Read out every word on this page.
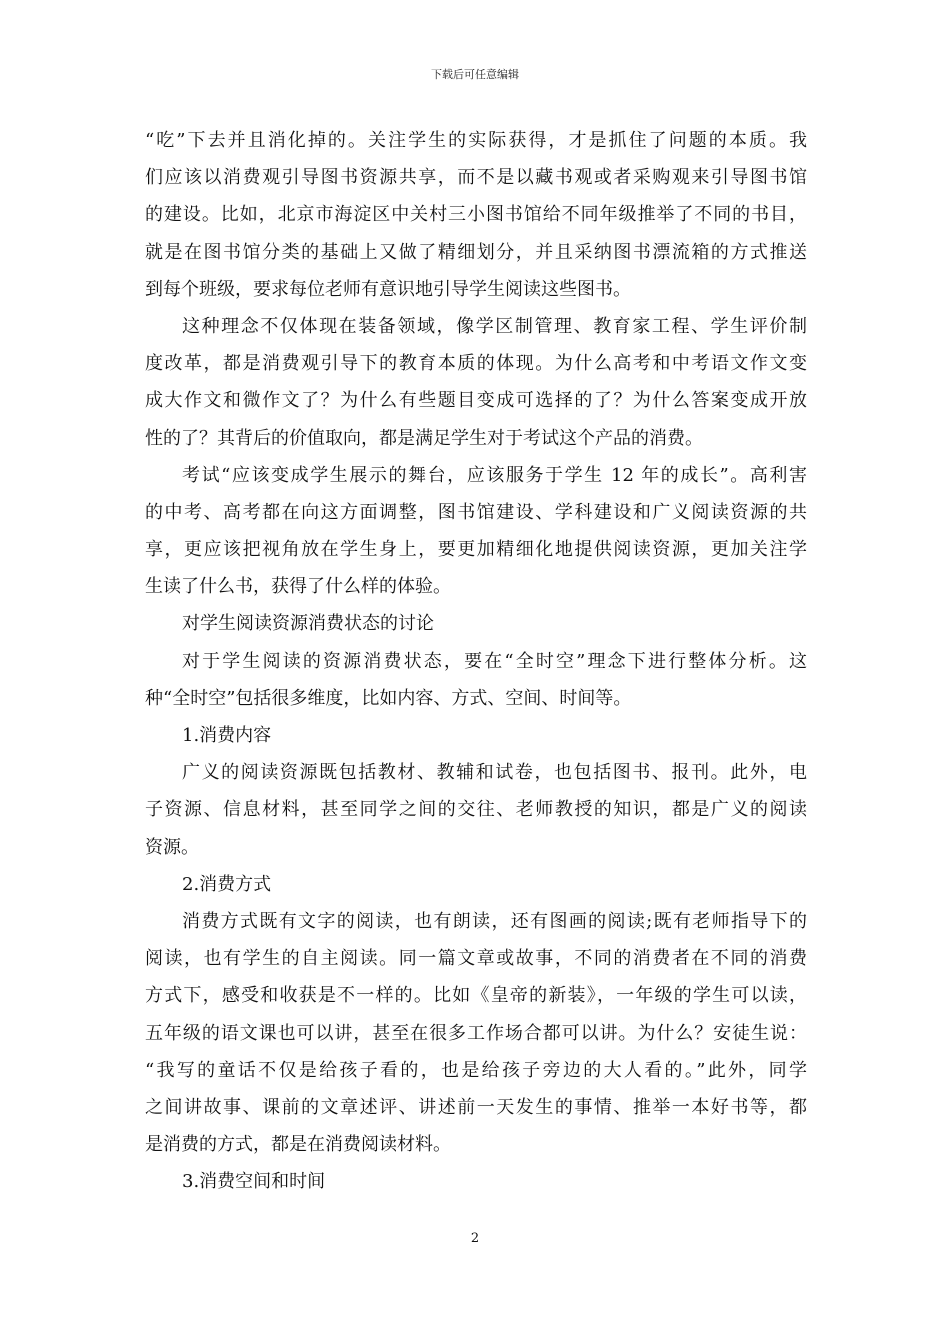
下载后可任意编辑
“吃”下去并且消化掉的。关注学生的实际获得，才是抓住了问题的本质。我
们应该以消费观引导图书资源共享，而不是以藏书观或者采购观来引导图书馆
的建设。比如，北京市海淀区中关村三小图书馆给不同年级推举了不同的书目，
就是在图书馆分类的基础上又做了精细划分，并且采纳图书漂流箱的方式推送
到每个班级，要求每位老师有意识地引导学生阅读这些图书。
这种理念不仅体现在装备领域，像学区制管理、教育家工程、学生评价制
度改革，都是消费观引导下的教育本质的体现。为什么高考和中考语文作文变
成大作文和微作文了？为什么有些题目变成可选择的了？为什么答案变成开放
性的了？其背后的价值取向，都是满足学生对于考试这个产品的消费。
考试“应该变成学生展示的舞台，应该服务于学生 12 年的成长”。高利害
的中考、高考都在向这方面调整，图书馆建设、学科建设和广义阅读资源的共
享，更应该把视角放在学生身上，要更加精细化地提供阅读资源，更加关注学
生读了什么书，获得了什么样的体验。
对学生阅读资源消费状态的讨论
对于学生阅读的资源消费状态，要在“全时空”理念下进行整体分析。这
种“全时空”包括很多维度，比如内容、方式、空间、时间等。
1.消费内容
广义的阅读资源既包括教材、教辅和试卷，也包括图书、报刊。此外，电
子资源、信息材料，甚至同学之间的交往、老师教授的知识，都是广义的阅读
资源。
2.消费方式
消费方式既有文字的阅读，也有朗读，还有图画的阅读;既有老师指导下的
阅读，也有学生的自主阅读。同一篇文章或故事，不同的消费者在不同的消费
方式下，感受和收获是不一样的。比如《皇帝的新装》，一年级的学生可以读，
五年级的语文课也可以讲，甚至在很多工作场合都可以讲。为什么？安徒生说：
“我写的童话不仅是给孩子看的，也是给孩子旁边的大人看的。”此外，同学
之间讲故事、课前的文章述评、讲述前一天发生的事情、推举一本好书等，都
是消费的方式，都是在消费阅读材料。
3.消费空间和时间
2
